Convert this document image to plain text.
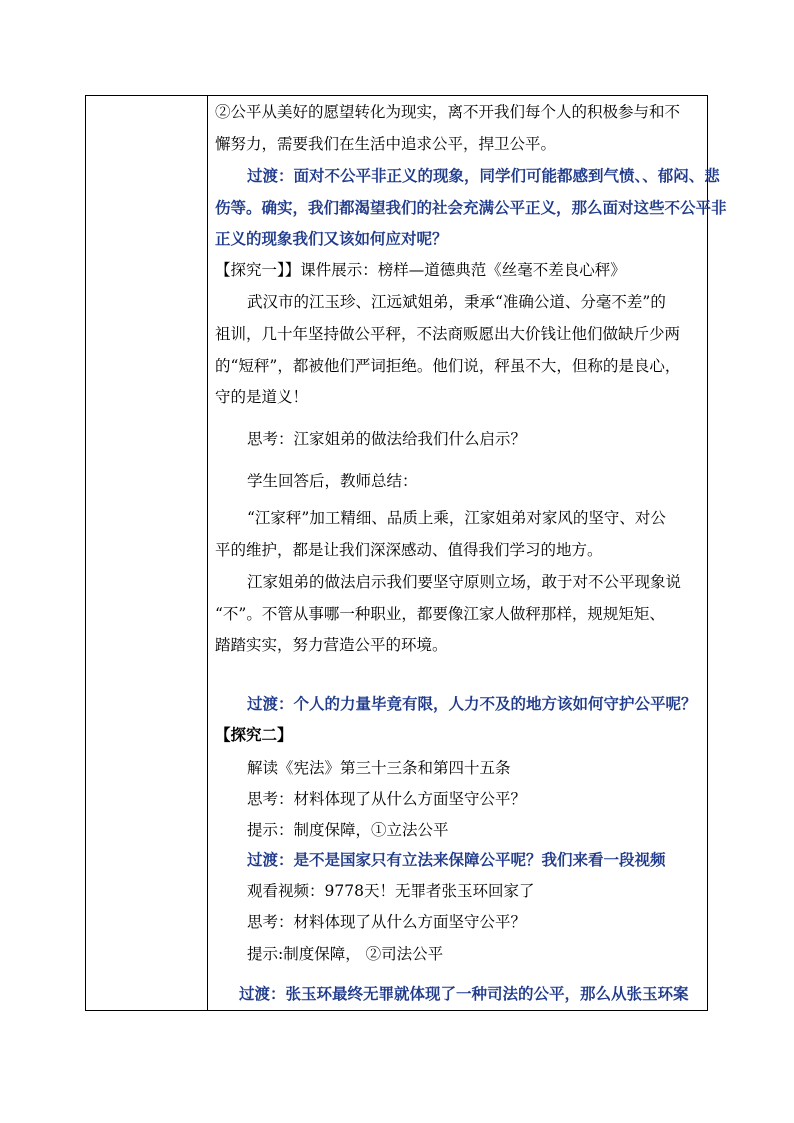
②公平从美好的愿望转化为现实，离不开我们每个人的积极参与和不
懈努力，需要我们在生活中追求公平，捍卫公平。
过渡：面对不公平非正义的现象，同学们可能都感到气愤、、郁闷、悲
伤等。确实，我们都渴望我们的社会充满公平正义，那么面对这些不公平非
正义的现象我们又该如何应对呢？
【探究一】】课件展示：榜样—道德典范《丝毫不差良心秤》
武汉市的江玉珍、江远斌姐弟，秉承“准确公道、分毫不差”的
祖训，几十年坚持做公平秤，不法商贩愿出大价钱让他们做缺斤少两
的“短秤”，都被他们严词拒绝。他们说，秤虽不大，但称的是良心，
守的是道义！
思考：江家姐弟的做法给我们什么启示？
学生回答后，教师总结：
“江家秤”加工精细、品质上乘，江家姐弟对家风的坚守、对公
平的维护，都是让我们深深感动、值得我们学习的地方。
江家姐弟的做法启示我们要坚守原则立场，敢于对不公平现象说
“不”。不管从事哪一种职业，都要像江家人做秤那样，规规矩矩、
踏踏实实，努力营造公平的环境。
过渡：个人的力量毕竟有限，人力不及的地方该如何守护公平呢？
【探究二】
解读《宪法》第三十三条和第四十五条
思考：材料体现了从什么方面坚守公平？
提示：制度保障，①立法公平
过渡：是不是国家只有立法来保障公平呢？我们来看一段视频
观看视频：9778天！无罪者张玉环回家了
思考：材料体现了从什么方面坚守公平？
提示:制度保障， ②司法公平
过渡：张玉环最终无罪就体现了一种司法的公平，那么从张玉环案
